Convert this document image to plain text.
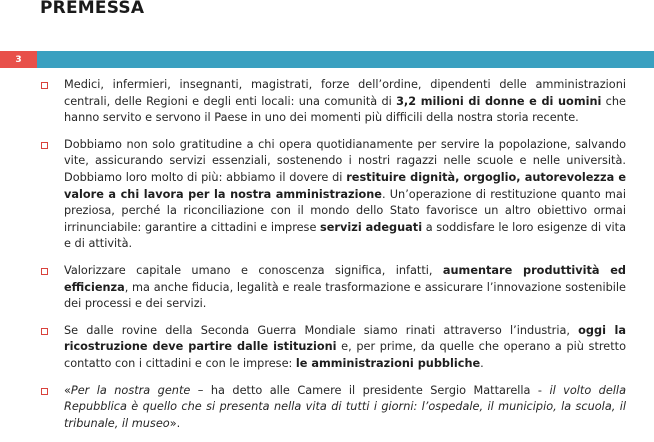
PREMESSA
3
Medici, infermieri, insegnanti, magistrati, forze dell’ordine, dipendenti delle amministrazioni centrali, delle Regioni e degli enti locali: una comunità di 3,2 milioni di donne e di uomini che hanno servito e servono il Paese in uno dei momenti più difficili della nostra storia recente.
Dobbiamo non solo gratitudine a chi opera quotidianamente per servire la popolazione, salvando vite, assicurando servizi essenziali, sostenendo i nostri ragazzi nelle scuole e nelle università. Dobbiamo loro molto di più: abbiamo il dovere di restituire dignità, orgoglio, autorevolezza e valore a chi lavora per la nostra amministrazione. Un’operazione di restituzione quanto mai preziosa, perché la riconciliazione con il mondo dello Stato favorisce un altro obiettivo ormai irrinunciabile: garantire a cittadini e imprese servizi adeguati a soddisfare le loro esigenze di vita e di attività.
Valorizzare capitale umano e conoscenza significa, infatti, aumentare produttività ed efficienza, ma anche fiducia, legalità e reale trasformazione e assicurare l’innovazione sostenibile dei processi e dei servizi.
Se dalle rovine della Seconda Guerra Mondiale siamo rinati attraverso l’industria, oggi la ricostruzione deve partire dalle istituzioni e, per prime, da quelle che operano a più stretto contatto con i cittadini e con le imprese: le amministrazioni pubbliche.
«Per la nostra gente – ha detto alle Camere il presidente Sergio Mattarella - il volto della Repubblica è quello che si presenta nella vita di tutti i giorni: l’ospedale, il municipio, la scuola, il tribunale, il museo».
